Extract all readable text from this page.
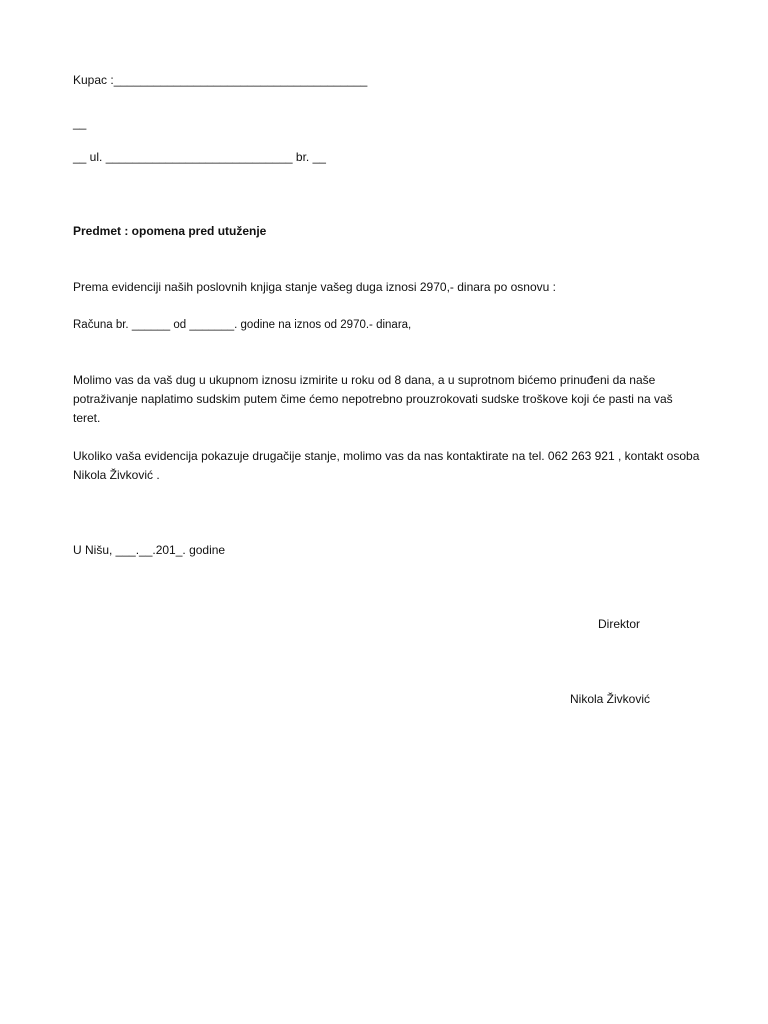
Kupac :______________________________________
__
__ ul. ____________________________ br. __
Predmet : opomena pred utuženje
Prema evidenciji naših poslovnih knjiga stanje vašeg duga iznosi 2970,- dinara po osnovu :
Računa br. ______ od _______. godine na iznos od 2970.- dinara,
Molimo vas da vaš dug u ukupnom iznosu izmirite u roku od 8 dana, a u suprotnom bićemo prinuđeni da naše potraživanje naplatimo sudskim putem čime ćemo nepotrebno prouzrokovati sudske troškove koji će pasti na vaš teret.
Ukoliko vaša evidencija pokazuje drugačije stanje, molimo vas da nas kontaktirate na tel. 062 263 921 , kontakt osoba Nikola Živković .
U Nišu, ___.__.201_. godine
Direktor
Nikola Živković
